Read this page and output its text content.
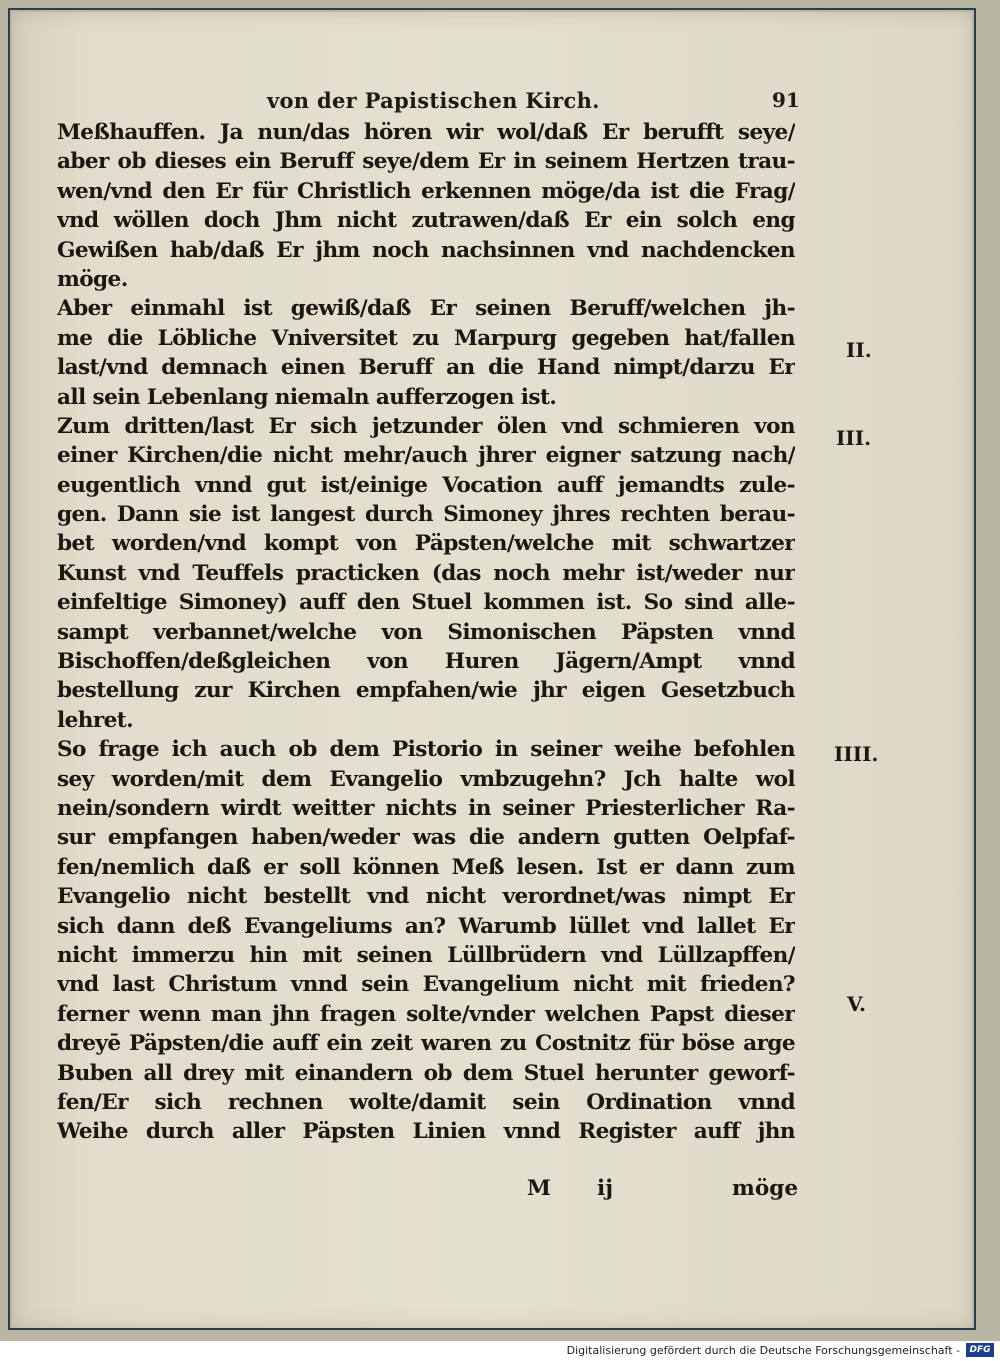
von der Papistischen Kirch.	91
Meßhauffen. Ja nun/das hören wir wol/daß Er berufft seye/
aber ob dieses ein Beruff seye/dem Er in seinem Hertzen trau-
wen/vnd den Er für Christlich erkennen möge/da ist die Frag/
vnd wöllen doch Jhm nicht zutrawen/daß Er ein solch eng
Gewißen hab/daß Er jhm noch nachsinnen vnd nachdencken
möge.
Aber einmahl ist gewiß/daß Er seinen Beruff/welchen jh-
me die Löbliche Vniversitet zu Marpurg gegeben hat/fallen
last/vnd demnach einen Beruff an die Hand nimpt/darzu Er
all sein Lebenlang niemaln aufferzogen ist.
Zum dritten/last Er sich jetzunder ölen vnd schmieren von
einer Kirchen/die nicht mehr/auch jhrer eigner satzung nach/
eugentlich vnnd gut ist/einige Vocation auff jemandts zule-
gen. Dann sie ist langest durch Simoney jhres rechten berau-
bet worden/vnd kompt von Päpsten/welche mit schwartzer
Kunst vnd Teuffels practicken (das noch mehr ist/weder nur
einfeltige Simoney) auff den Stuel kommen ist. So sind alle-
sampt verbannet/welche von Simonischen Päpsten vnnd
Bischoffen/deßgleichen von Huren Jägern/Ampt vnnd
bestellung zur Kirchen empfahen/wie jhr eigen Gesetzbuch
lehret.
So frage ich auch ob dem Pistorio in seiner weihe befohlen
sey worden/mit dem Evangelio vmbzugehn? Jch halte wol
nein/sondern wirdt weitter nichts in seiner Priesterlicher Ra-
sur empfangen haben/weder was die andern gutten Oelpfaf-
fen/nemlich daß er soll können Meß lesen. Ist er dann zum
Evangelio nicht bestellt vnd nicht verordnet/was nimpt Er
sich dann deß Evangeliums an? Warumb lüllet vnd lallet Er
nicht immerzu hin mit seinen Lüllbrüdern vnd Lüllzapffen/
vnd last Christum vnnd sein Evangelium nicht mit frieden?
ferner wenn man jhn fragen solte/vnder welchen Papst dieser
dreyē Päpsten/die auff ein zeit waren zu Costnitz für böse arge
Buben all drey mit einandern ob dem Stuel herunter geworf-
fen/Er sich rechnen wolte/damit sein Ordination vnnd
Weihe durch aller Päpsten Linien vnnd Register auff jhn
II.
III.
IIII.
V.
M ij	möge
Digitalisierung gefördert durch die Deutsche Forschungsgemeinschaft -	DFG
